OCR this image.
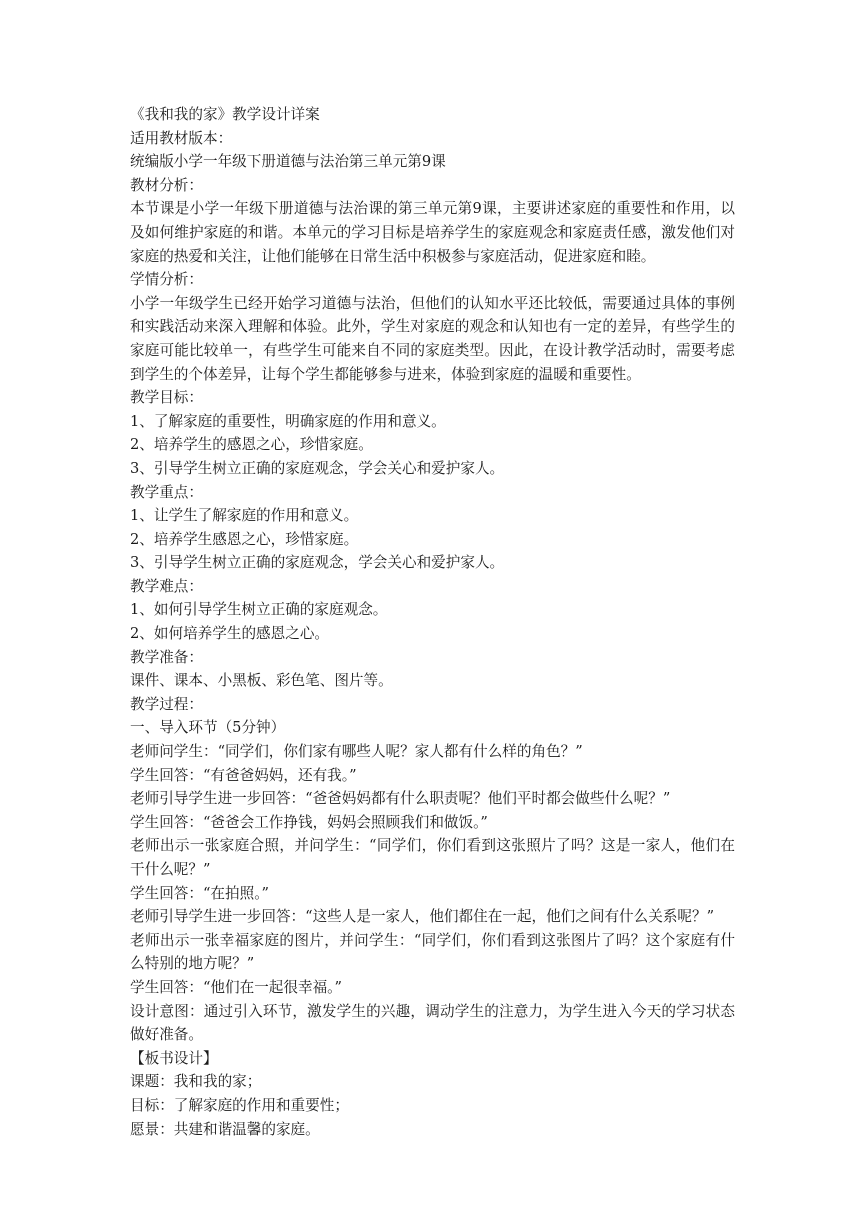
《我和我的家》教学设计详案
适用教材版本：
统编版小学一年级下册道德与法治第三单元第9课
教材分析：
本节课是小学一年级下册道德与法治课的第三单元第9课，主要讲述家庭的重要性和作用，以及如何维护家庭的和谐。本单元的学习目标是培养学生的家庭观念和家庭责任感，激发他们对家庭的热爱和关注，让他们能够在日常生活中积极参与家庭活动，促进家庭和睦。
学情分析：
小学一年级学生已经开始学习道德与法治，但他们的认知水平还比较低，需要通过具体的事例和实践活动来深入理解和体验。此外，学生对家庭的观念和认知也有一定的差异，有些学生的家庭可能比较单一，有些学生可能来自不同的家庭类型。因此，在设计教学活动时，需要考虑到学生的个体差异，让每个学生都能够参与进来，体验到家庭的温暖和重要性。
教学目标：
1、了解家庭的重要性，明确家庭的作用和意义。
2、培养学生的感恩之心，珍惜家庭。
3、引导学生树立正确的家庭观念，学会关心和爱护家人。
教学重点：
1、让学生了解家庭的作用和意义。
2、培养学生感恩之心，珍惜家庭。
3、引导学生树立正确的家庭观念，学会关心和爱护家人。
教学难点：
1、如何引导学生树立正确的家庭观念。
2、如何培养学生的感恩之心。
教学准备：
课件、课本、小黑板、彩色笔、图片等。
教学过程：
一、导入环节（5分钟）
老师问学生：“同学们，你们家有哪些人呢？家人都有什么样的角色？”
学生回答：“有爸爸妈妈，还有我。”
老师引导学生进一步回答：“爸爸妈妈都有什么职责呢？他们平时都会做些什么呢？”
学生回答：“爸爸会工作挣钱，妈妈会照顾我们和做饭。”
老师出示一张家庭合照，并问学生：“同学们，你们看到这张照片了吗？这是一家人，他们在干什么呢？”
学生回答：“在拍照。”
老师引导学生进一步回答：“这些人是一家人，他们都住在一起，他们之间有什么关系呢？”
老师出示一张幸福家庭的图片，并问学生：“同学们，你们看到这张图片了吗？这个家庭有什么特别的地方呢？”
学生回答：“他们在一起很幸福。”
设计意图：通过引入环节，激发学生的兴趣，调动学生的注意力，为学生进入今天的学习状态做好准备。
【板书设计】
课题：我和我的家；
目标：了解家庭的作用和重要性；
愿景：共建和谐温馨的家庭。
